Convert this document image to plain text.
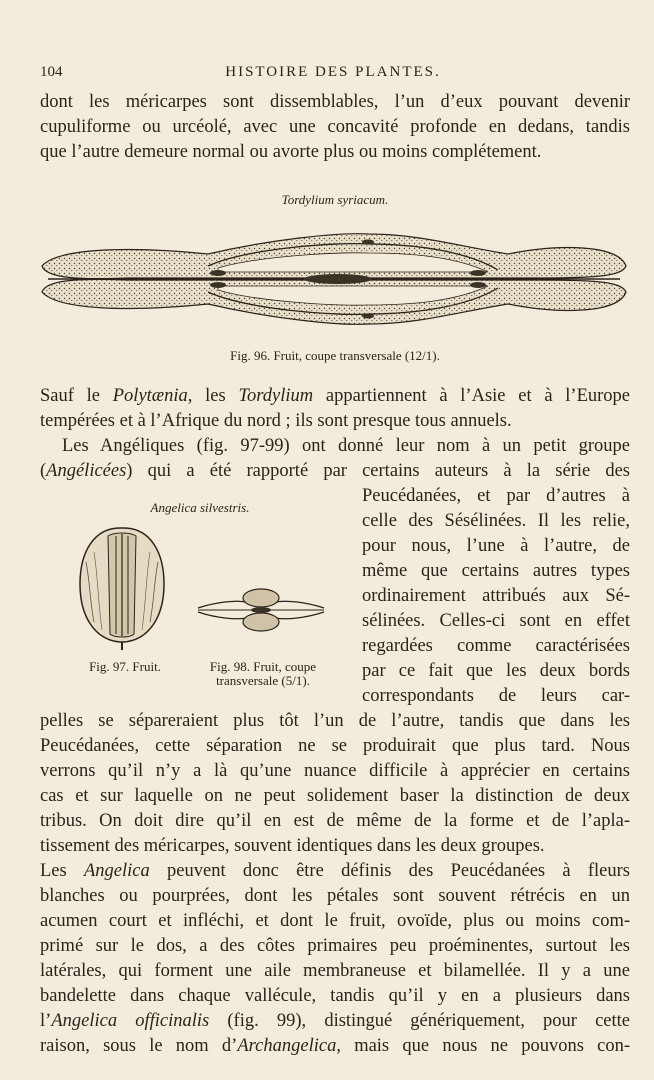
104	HISTOIRE DES PLANTES.
dont les méricarpes sont dissemblables, l’un d’eux pouvant devenir
cupuliforme ou urcéolé, avec une concavité profonde en dedans, tandis
que l’autre demeure normal ou avorte plus ou moins complétement.
Tordylium syriacum.
Fig. 96. Fruit, coupe transversale (12/1).
Sauf le Polytænia, les Tordylium appartiennent à l’Asie et à l’Europe
tempérées et à l’Afrique du nord ; ils sont presque tous annuels.
Les Angéliques (fig. 97-99) ont donné leur nom à un petit groupe
(Angélicées) qui a été rapporté par certains auteurs à la série des
Peucédanées, et par d’autres à
celle des Sésélinées. Il les relie,
pour nous, l’une à l’autre, de
même que certains autres types
ordinairement attribués aux Sé-
sélinées. Celles-ci sont en effet
regardées comme caractérisées
par ce fait que les deux bords
correspondants de leurs car-
Angelica silvestris.
Fig. 97. Fruit.	Fig. 98. Fruit, coupe
transversale (5/1).
pelles se sépareraient plus tôt l’un de l’autre, tandis que dans les
Peucédanées, cette séparation ne se produirait que plus tard. Nous
verrons qu’il n’y a là qu’une nuance difficile à apprécier en certains
cas et sur laquelle on ne peut solidement baser la distinction de deux
tribus. On doit dire qu’il en est de même de la forme et de l’apla-
tissement des méricarpes, souvent identiques dans les deux groupes.
Les Angelica peuvent donc être définis des Peucédanées à fleurs
blanches ou pourprées, dont les pétales sont souvent rétrécis en un
acumen court et infléchi, et dont le fruit, ovoïde, plus ou moins com-
primé sur le dos, a des côtes primaires peu proéminentes, surtout les
latérales, qui forment une aile membraneuse et bilamellée. Il y a une
bandelette dans chaque vallécule, tandis qu’il y en a plusieurs dans
l’Angelica officinalis (fig. 99), distingué génériquement, pour cette
raison, sous le nom d’Archangelica, mais que nous ne pouvons con-
